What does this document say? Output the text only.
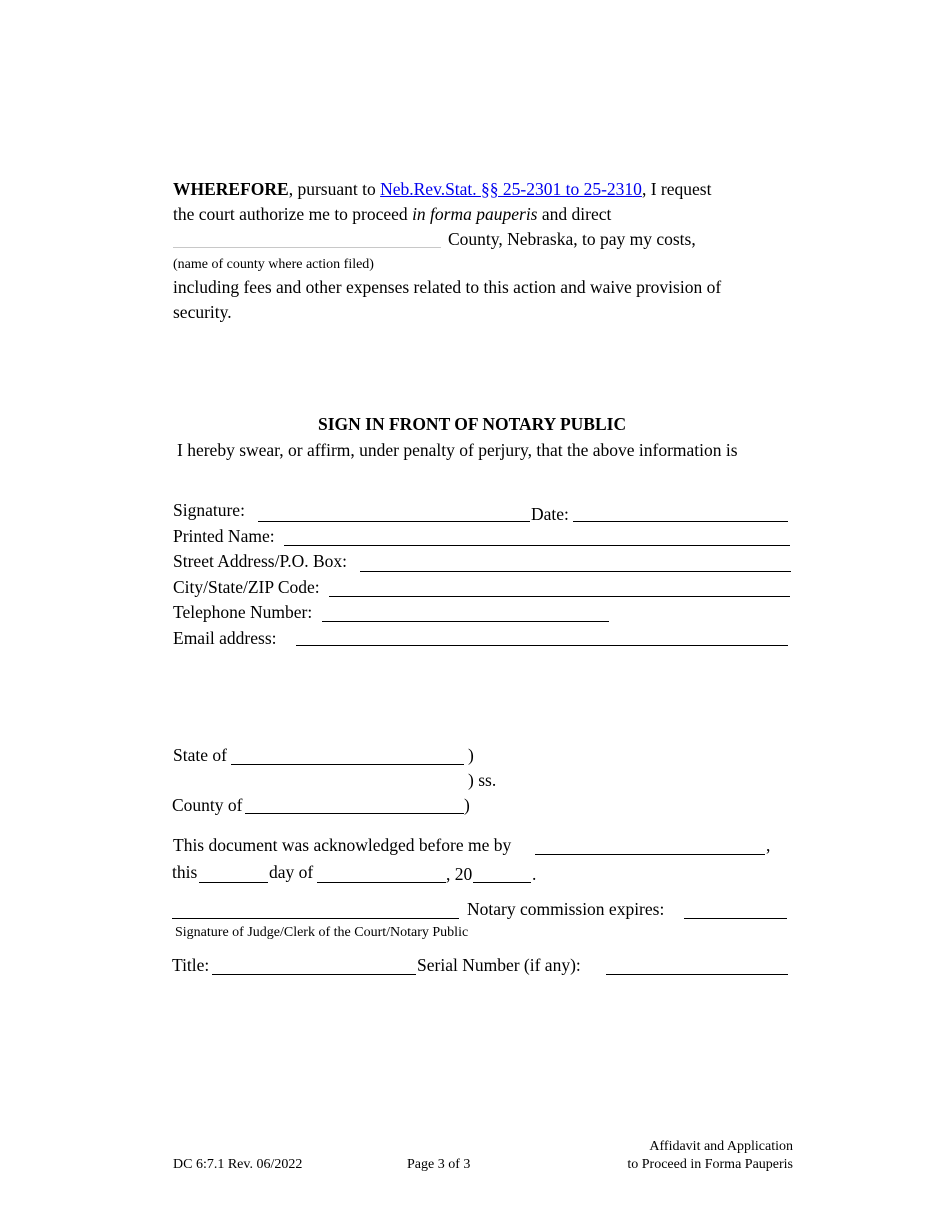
WHEREFORE, pursuant to Neb.Rev.Stat. §§ 25-2301 to 25-2310, I request
the court authorize me to proceed in forma pauperis and direct
County, Nebraska, to pay my costs,
(name of county where action filed)
including fees and other expenses related to this action and waive provision of
security.
SIGN IN FRONT OF NOTARY PUBLIC
I hereby swear, or affirm, under penalty of perjury, that the above information is
Signature:	Date:
Printed Name:
Street Address/P.O. Box:
City/State/ZIP Code:
Telephone Number:
Email address:
State of	)
) ss.
County of	)
This document was acknowledged before me by	,
this	day of	, 20	.
Notary commission expires:
Signature of Judge/Clerk of the Court/Notary Public
Title:	Serial Number (if any):
DC 6:7.1 Rev. 06/2022	Page 3 of 3
Affidavit and Application
to Proceed in Forma Pauperis
